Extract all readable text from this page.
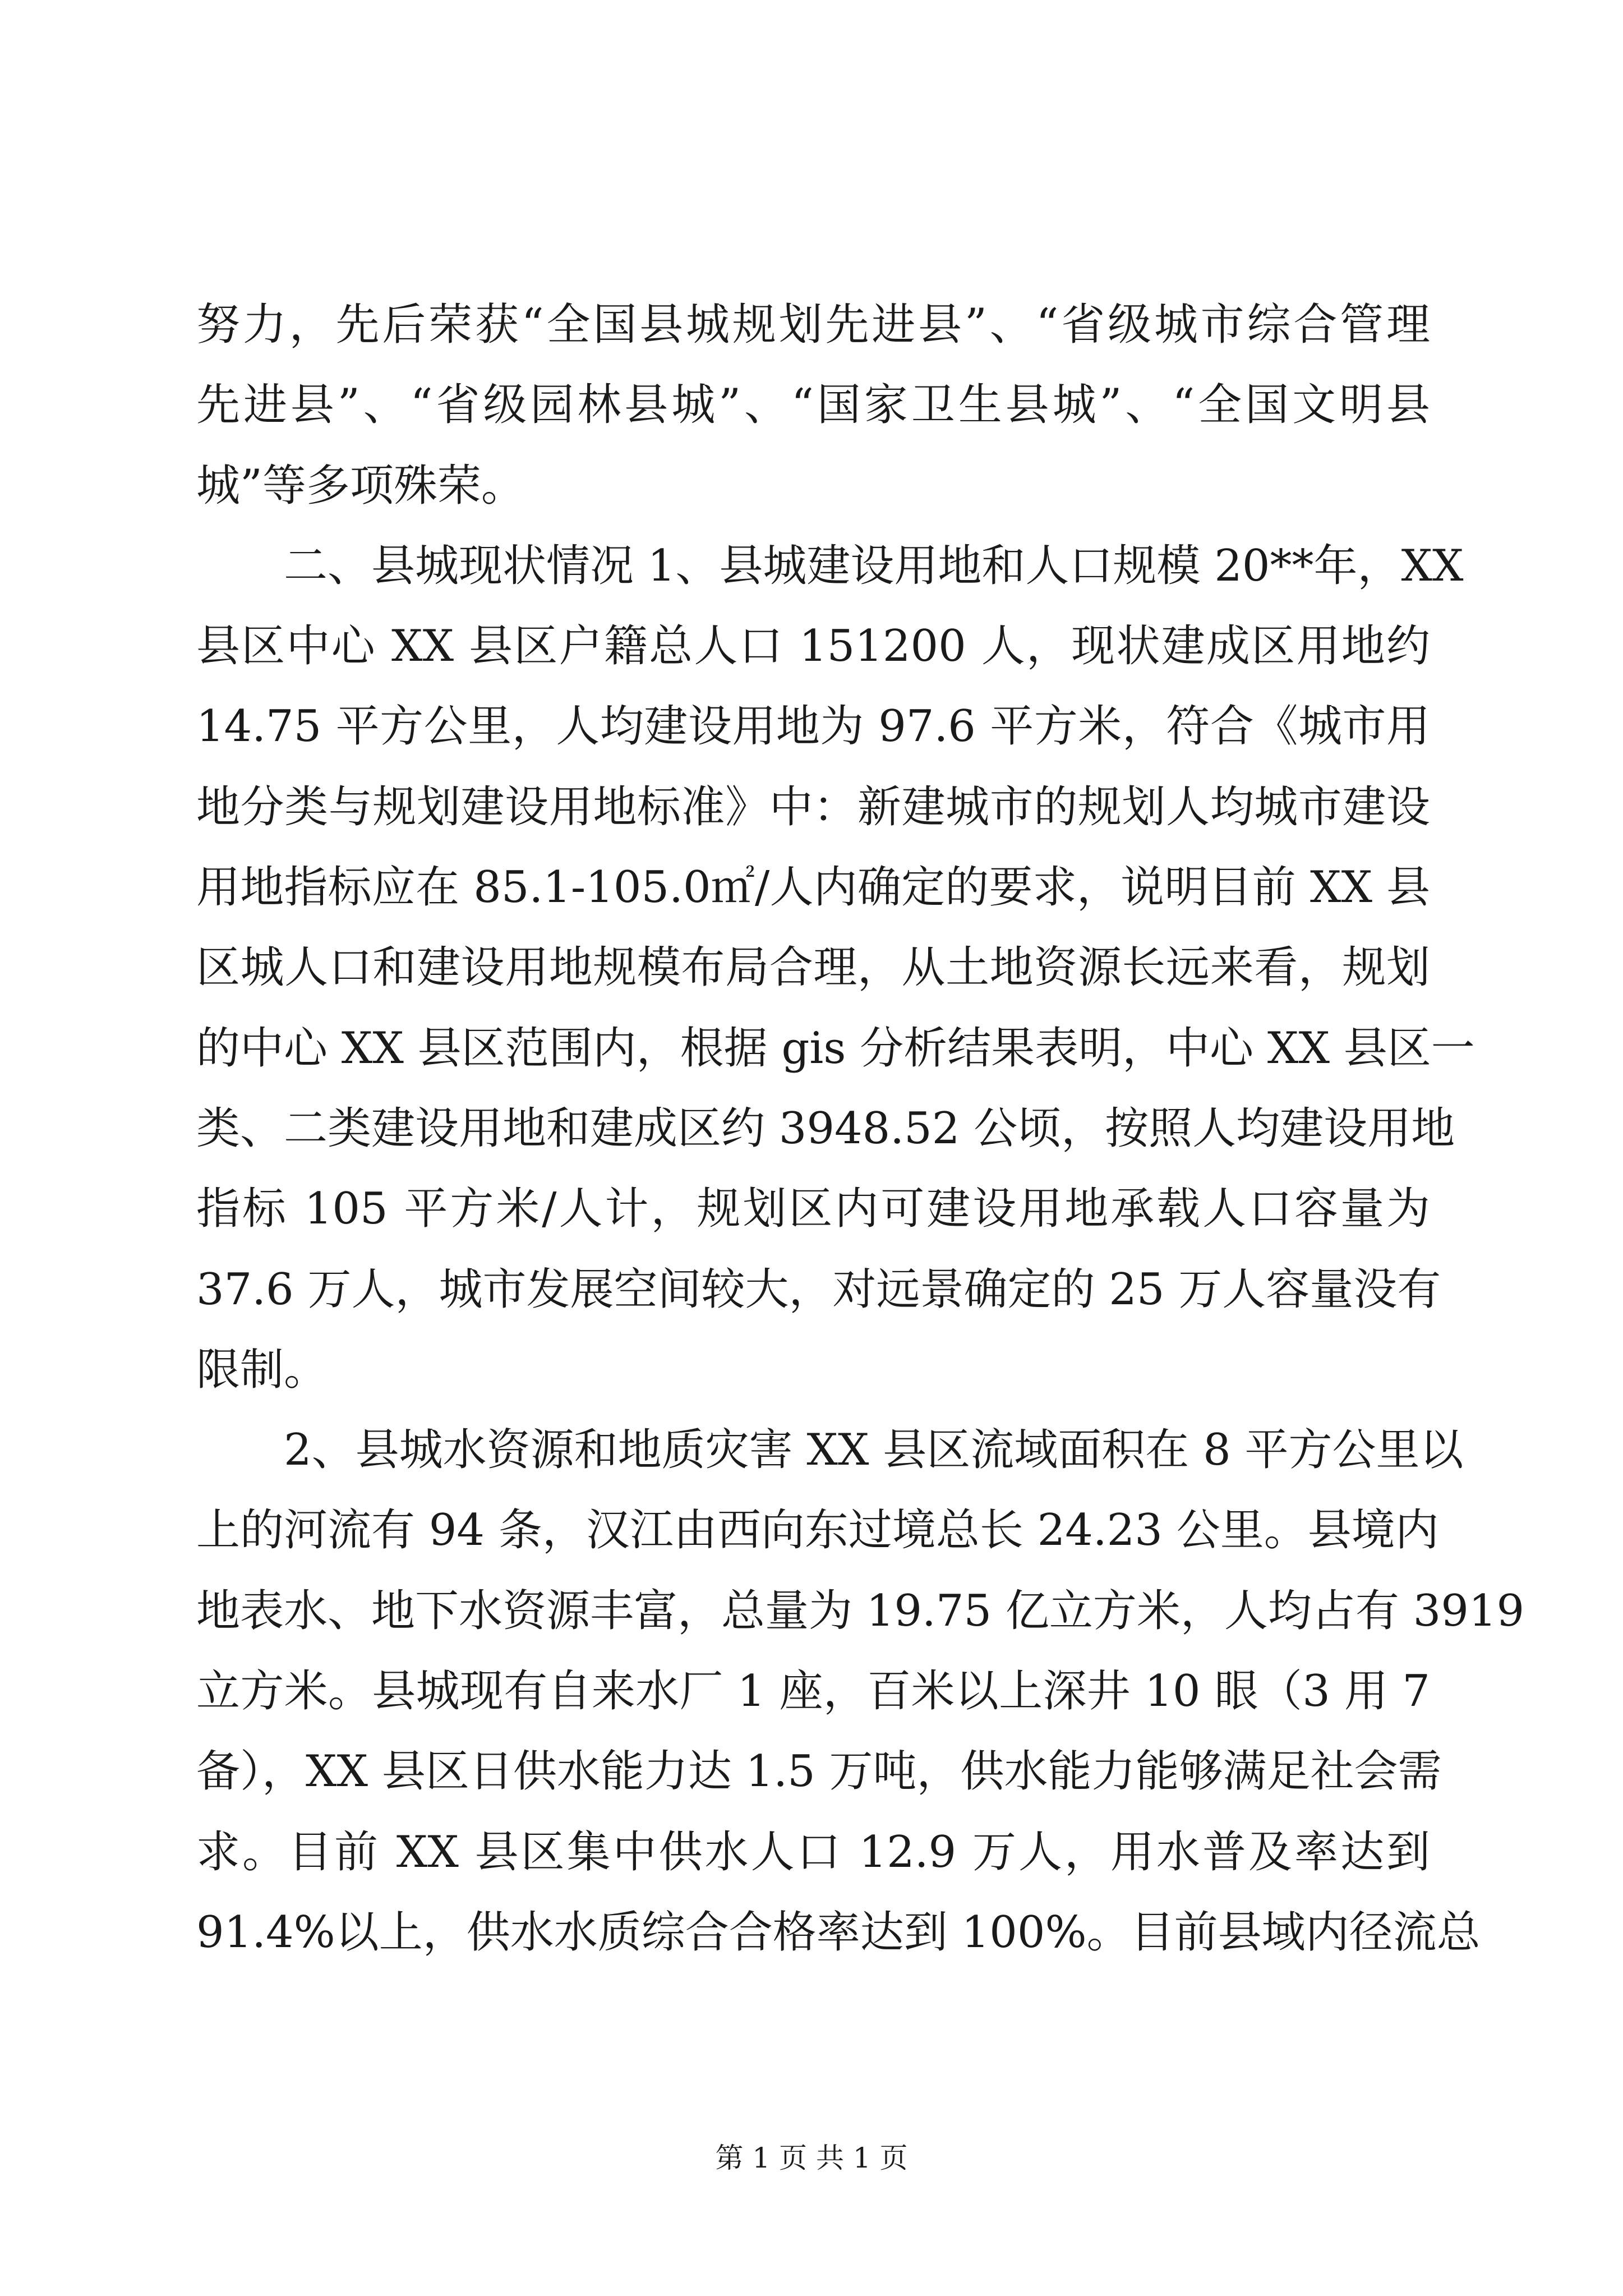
努力，先后荣获“全国县城规划先进县”、“省级城市综合管理
先进县”、“省级园林县城”、“国家卫生县城”、“全国文明县
城”等多项殊荣。
二、县城现状情况 1、县城建设用地和人口规模 20**年，XX
县区中心 XX 县区户籍总人口 151200 人，现状建成区用地约
14.75 平方公里，人均建设用地为 97.6 平方米，符合《城市用
地分类与规划建设用地标准》中：新建城市的规划人均城市建设
用地指标应在 85.1-105.0㎡/人内确定的要求，说明目前 XX 县
区城人口和建设用地规模布局合理，从土地资源长远来看，规划
的中心 XX 县区范围内，根据 gis 分析结果表明，中心 XX 县区一
类、二类建设用地和建成区约 3948.52 公顷，按照人均建设用地
指标 105 平方米/人计，规划区内可建设用地承载人口容量为
37.6 万人，城市发展空间较大，对远景确定的 25 万人容量没有
限制。
2、县城水资源和地质灾害 XX 县区流域面积在 8 平方公里以
上的河流有 94 条，汉江由西向东过境总长 24.23 公里。县境内
地表水、地下水资源丰富，总量为 19.75 亿立方米，人均占有 3919
立方米。县城现有自来水厂 1 座，百米以上深井 10 眼（3 用 7
备），XX 县区日供水能力达 1.5 万吨，供水能力能够满足社会需
求。目前 XX 县区集中供水人口 12.9 万人，用水普及率达到
91.4%以上，供水水质综合合格率达到 100%。目前县域内径流总
第 1 页 共 1 页
